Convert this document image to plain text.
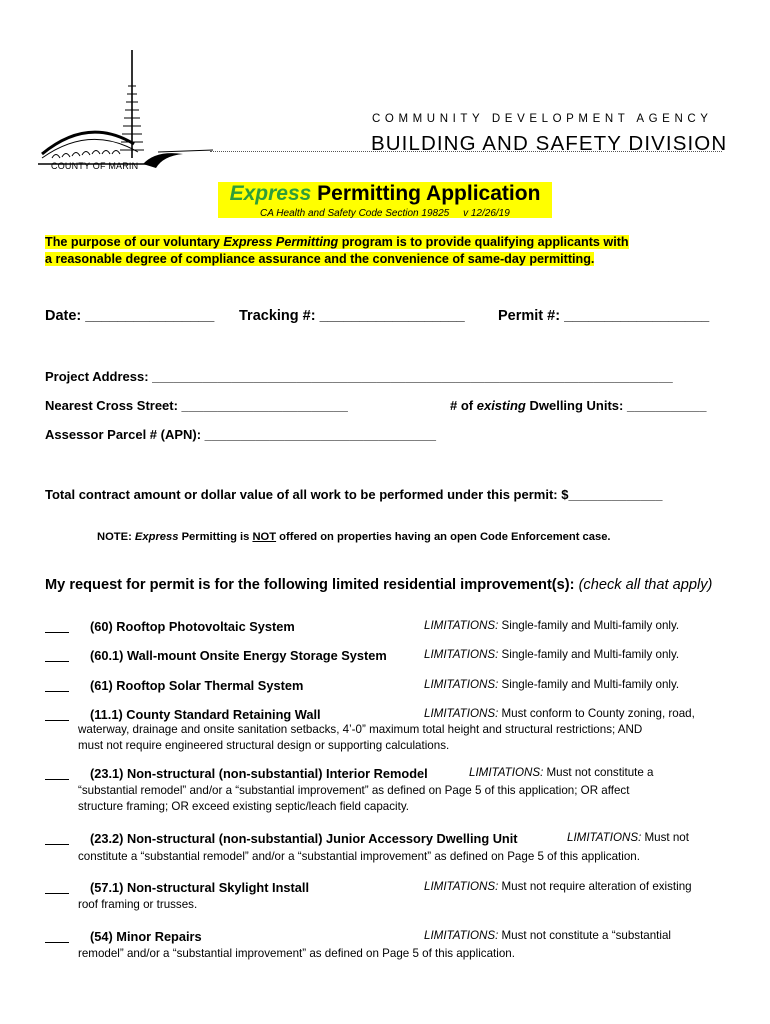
COUNTY OF MARIN
COMMUNITY DEVELOPMENT AGENCY
BUILDING AND SAFETY DIVISION
Express Permitting Application
CA Health and Safety Code Section 19825     v 12/26/19
The purpose of our voluntary Express Permitting program is to provide qualifying applicants with
a reasonable degree of compliance assurance and the convenience of same-day permitting.
Date: ________________ Tracking #: __________________ Permit #: __________________
Project Address: ________________________________________________________________________
Nearest Cross Street: _______________________	# of existing Dwelling Units: ___________
Assessor Parcel # (APN): ________________________________
Total contract amount or dollar value of all work to be performed under this permit: $_____________
NOTE: Express Permitting is NOT offered on properties having an open Code Enforcement case.
My request for permit is for the following limited residential improvement(s): (check all that apply)
(60) Rooftop Photovoltaic System	LIMITATIONS: Single-family and Multi-family only.
(60.1) Wall-mount Onsite Energy Storage System	LIMITATIONS: Single-family and Multi-family only.
(61) Rooftop Solar Thermal System	LIMITATIONS: Single-family and Multi-family only.
(11.1) County Standard Retaining Wall	LIMITATIONS: Must conform to County zoning, road,
waterway, drainage and onsite sanitation setbacks, 4’-0” maximum total height and structural restrictions; AND
must not require engineered structural design or supporting calculations.
(23.1) Non-structural (non-substantial) Interior Remodel	LIMITATIONS: Must not constitute a
“substantial remodel” and/or a “substantial improvement” as defined on Page 5 of this application; OR affect
structure framing; OR exceed existing septic/leach field capacity.
(23.2) Non-structural (non-substantial) Junior Accessory Dwelling Unit	LIMITATIONS: Must not
constitute a “substantial remodel” and/or a “substantial improvement” as defined on Page 5 of this application.
(57.1) Non-structural Skylight Install	LIMITATIONS: Must not require alteration of existing
roof framing or trusses.
(54) Minor Repairs	LIMITATIONS: Must not constitute a “substantial
remodel” and/or a “substantial improvement” as defined on Page 5 of this application.
